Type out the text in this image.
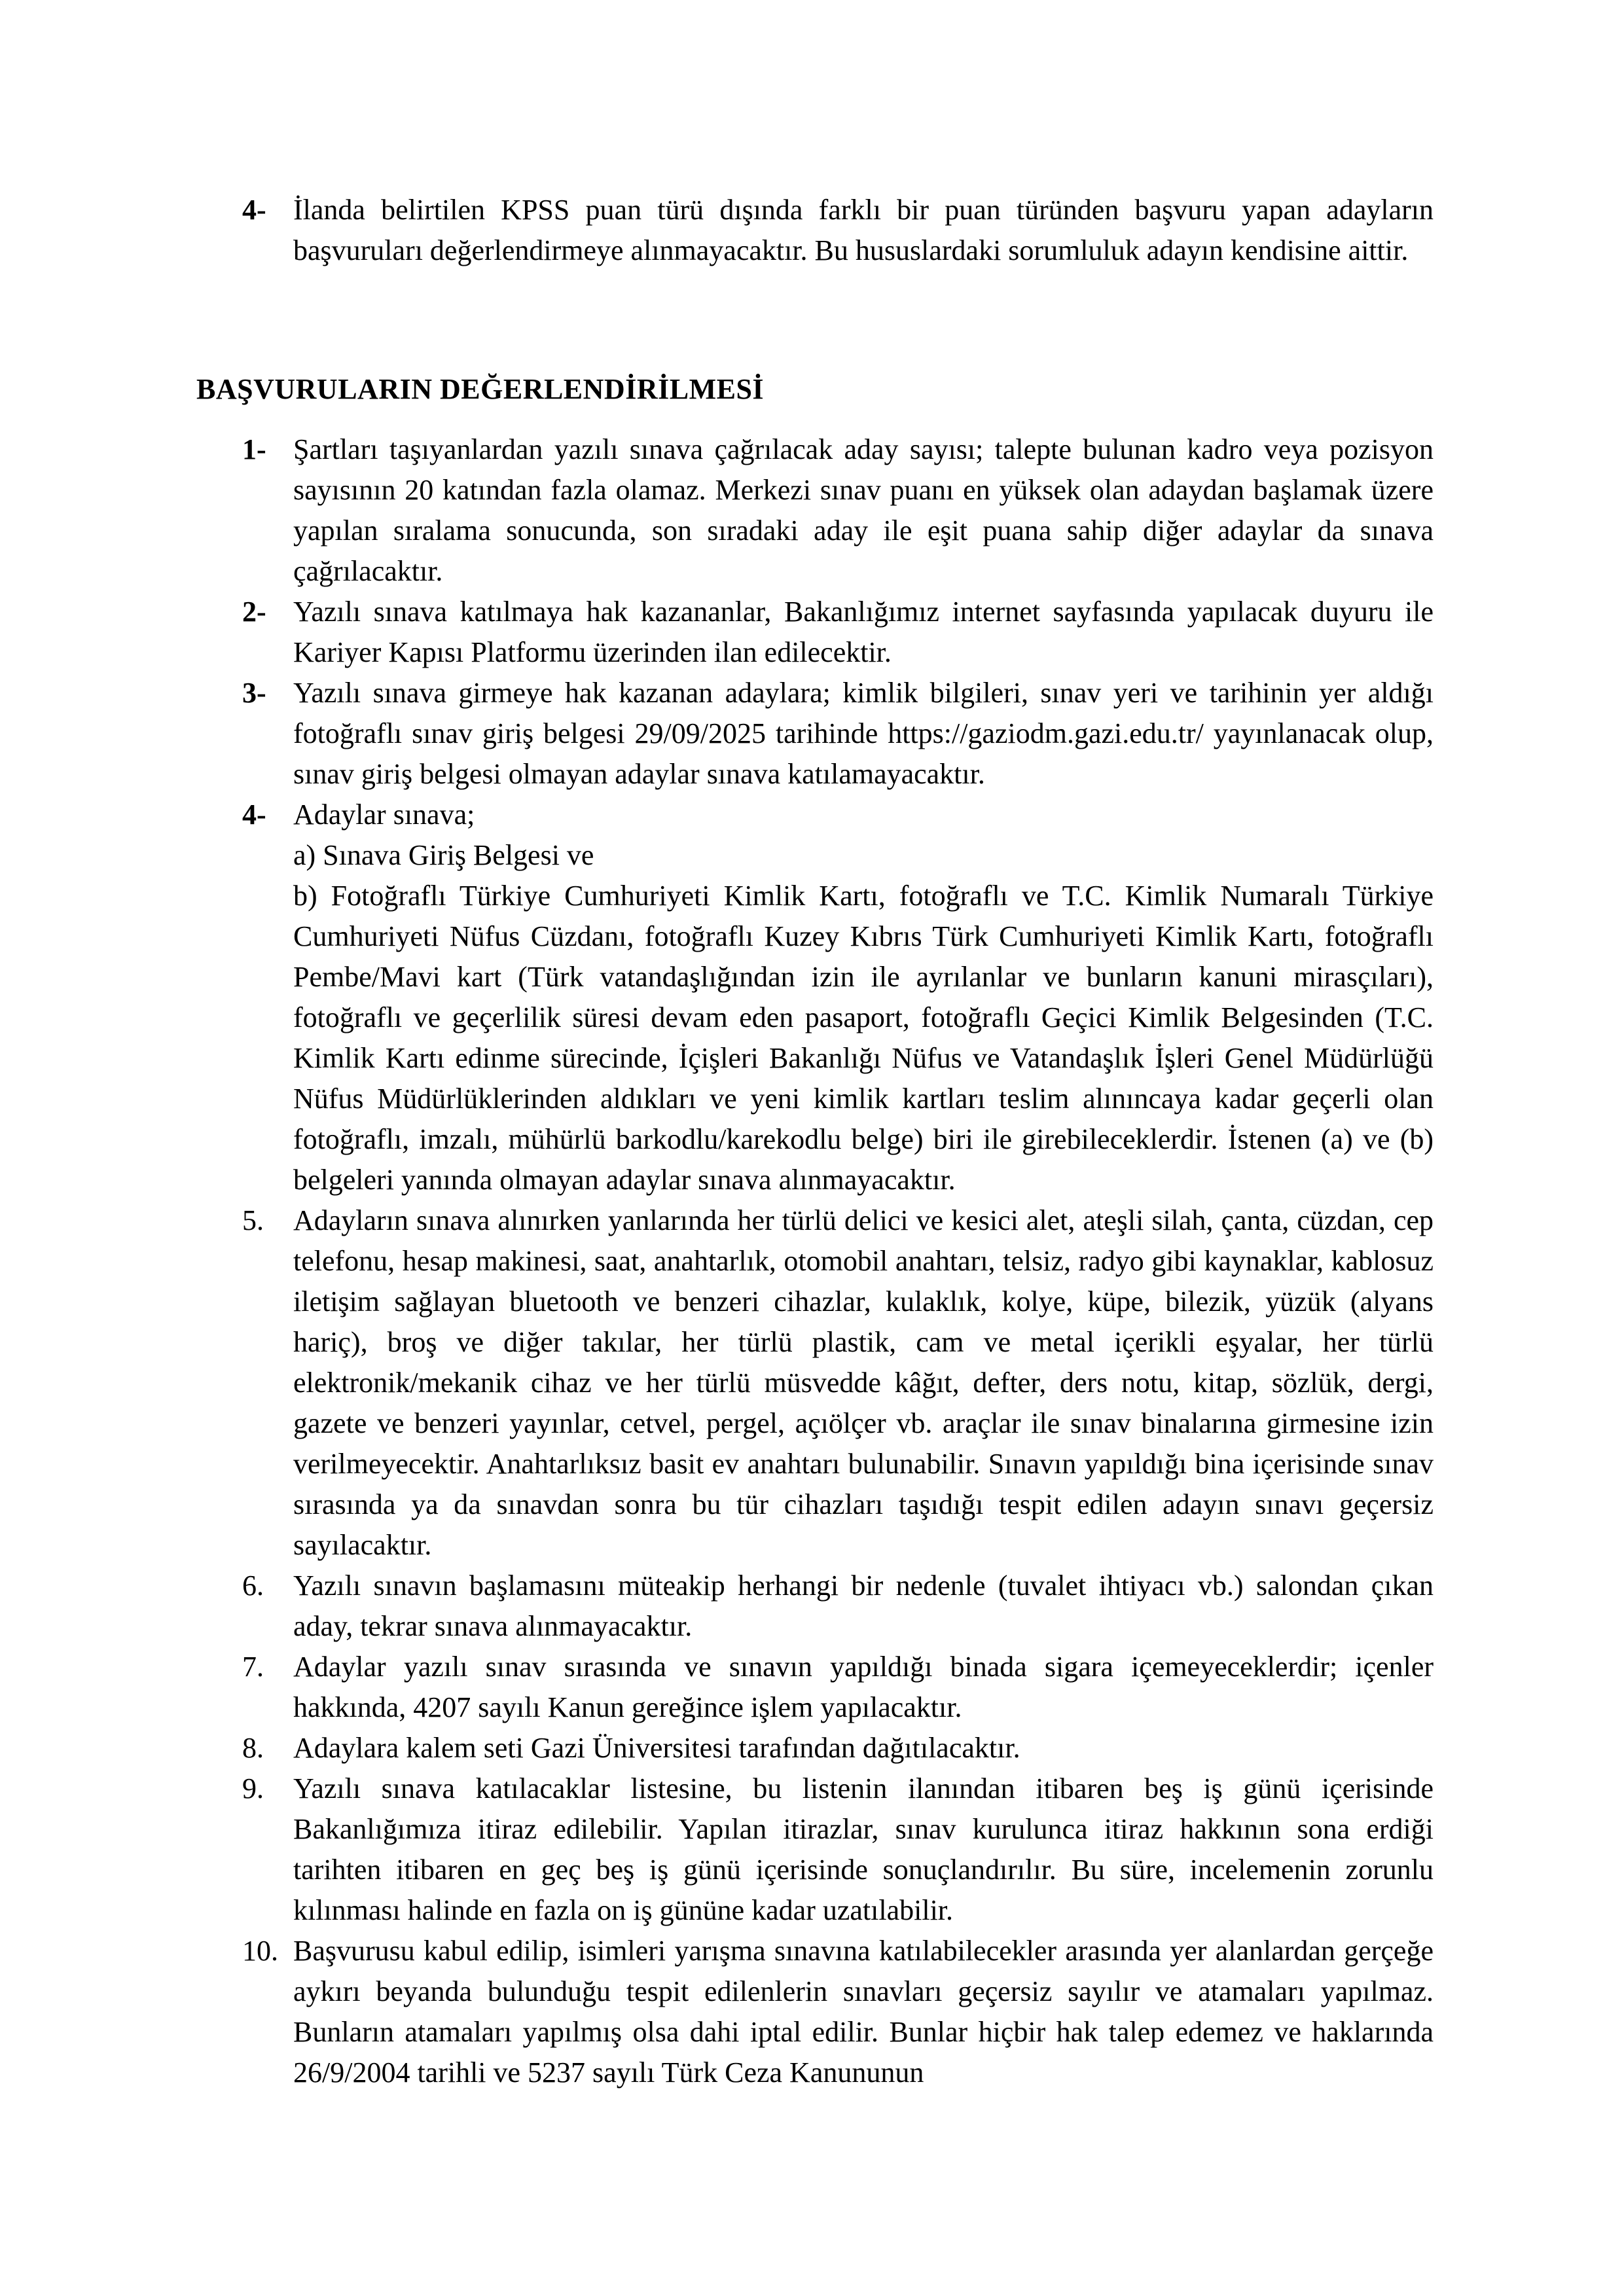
4- İlanda belirtilen KPSS puan türü dışında farklı bir puan türünden başvuru yapan adayların başvuruları değerlendirmeye alınmayacaktır. Bu hususlardaki sorumluluk adayın kendisine aittir.
BAŞVURULARIN DEĞERLENDİRİLMESİ
1- Şartları taşıyanlardan yazılı sınava çağrılacak aday sayısı; talepte bulunan kadro veya pozisyon sayısının 20 katından fazla olamaz. Merkezi sınav puanı en yüksek olan adaydan başlamak üzere yapılan sıralama sonucunda, son sıradaki aday ile eşit puana sahip diğer adaylar da sınava çağrılacaktır.
2- Yazılı sınava katılmaya hak kazananlar, Bakanlığımız internet sayfasında yapılacak duyuru ile Kariyer Kapısı Platformu üzerinden ilan edilecektir.
3- Yazılı sınava girmeye hak kazanan adaylara; kimlik bilgileri, sınav yeri ve tarihinin yer aldığı fotoğraflı sınav giriş belgesi 29/09/2025 tarihinde https://gaziodm.gazi.edu.tr/ yayınlanacak olup, sınav giriş belgesi olmayan adaylar sınava katılamayacaktır.
4- Adaylar sınava;
a) Sınava Giriş Belgesi ve
b) Fotoğraflı Türkiye Cumhuriyeti Kimlik Kartı, fotoğraflı ve T.C. Kimlik Numaralı Türkiye Cumhuriyeti Nüfus Cüzdanı, fotoğraflı Kuzey Kıbrıs Türk Cumhuriyeti Kimlik Kartı, fotoğraflı Pembe/Mavi kart (Türk vatandaşlığından izin ile ayrılanlar ve bunların kanuni mirasçıları), fotoğraflı ve geçerlilik süresi devam eden pasaport, fotoğraflı Geçici Kimlik Belgesinden (T.C. Kimlik Kartı edinme sürecinde, İçişleri Bakanlığı Nüfus ve Vatandaşlık İşleri Genel Müdürlüğü Nüfus Müdürlüklerinden aldıkları ve yeni kimlik kartları teslim alınıncaya kadar geçerli olan fotoğraflı, imzalı, mühürlü barkodlu/karekodlu belge) biri ile girebileceklerdir. İstenen (a) ve (b) belgeleri yanında olmayan adaylar sınava alınmayacaktır.
5. Adayların sınava alınırken yanlarında her türlü delici ve kesici alet, ateşli silah, çanta, cüzdan, cep telefonu, hesap makinesi, saat, anahtarlık, otomobil anahtarı, telsiz, radyo gibi kaynaklar, kablosuz iletişim sağlayan bluetooth ve benzeri cihazlar, kulaklık, kolye, küpe, bilezik, yüzük (alyans hariç), broş ve diğer takılar, her türlü plastik, cam ve metal içerikli eşyalar, her türlü elektronik/mekanik cihaz ve her türlü müsvedde kâğıt, defter, ders notu, kitap, sözlük, dergi, gazete ve benzeri yayınlar, cetvel, pergel, açıölçer vb. araçlar ile sınav binalarına girmesine izin verilmeyecektir. Anahtarlıksız basit ev anahtarı bulunabilir. Sınavın yapıldığı bina içerisinde sınav sırasında ya da sınavdan sonra bu tür cihazları taşıdığı tespit edilen adayın sınavı geçersiz sayılacaktır.
6. Yazılı sınavın başlamasını müteakip herhangi bir nedenle (tuvalet ihtiyacı vb.) salondan çıkan aday, tekrar sınava alınmayacaktır.
7. Adaylar yazılı sınav sırasında ve sınavın yapıldığı binada sigara içemeyeceklerdir; içenler hakkında, 4207 sayılı Kanun gereğince işlem yapılacaktır.
8. Adaylara kalem seti Gazi Üniversitesi tarafından dağıtılacaktır.
9. Yazılı sınava katılacaklar listesine, bu listenin ilanından itibaren beş iş günü içerisinde Bakanlığımıza itiraz edilebilir. Yapılan itirazlar, sınav kurulunca itiraz hakkının sona erdiği tarihten itibaren en geç beş iş günü içerisinde sonuçlandırılır. Bu süre, incelemenin zorunlu kılınması halinde en fazla on iş gününe kadar uzatılabilir.
10. Başvurusu kabul edilip, isimleri yarışma sınavına katılabilecekler arasında yer alanlardan gerçeğe aykırı beyanda bulunduğu tespit edilenlerin sınavları geçersiz sayılır ve atamaları yapılmaz. Bunların atamaları yapılmış olsa dahi iptal edilir. Bunlar hiçbir hak talep edemez ve haklarında 26/9/2004 tarihli ve 5237 sayılı Türk Ceza Kanununun
